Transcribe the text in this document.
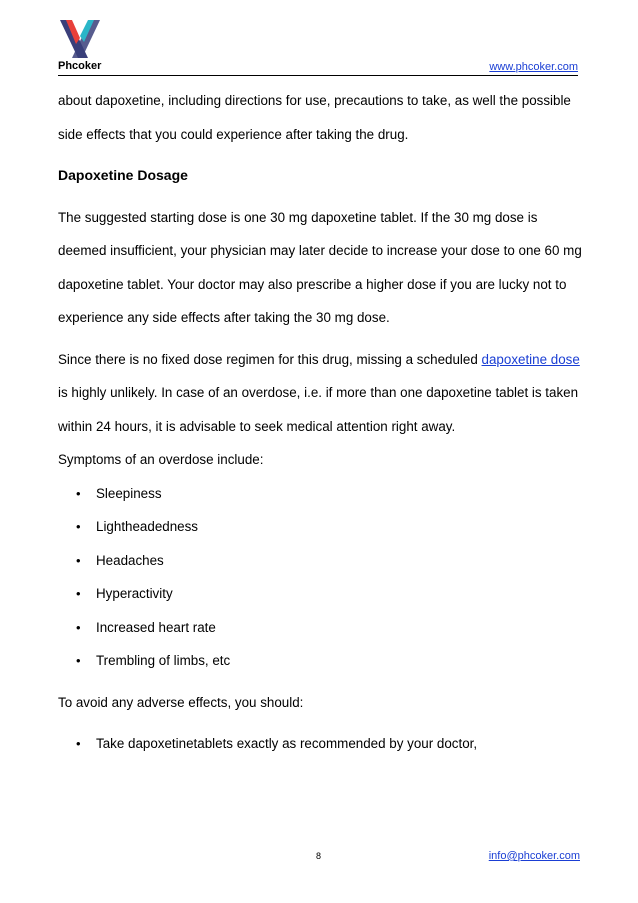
Phcoker	www.phcoker.com

about dapoxetine, including directions for use, precautions to take, as well the possible side effects that you could experience after taking the drug.

Dapoxetine Dosage

The suggested starting dose is one 30 mg dapoxetine tablet. If the 30 mg dose is deemed insufficient, your physician may later decide to increase your dose to one 60 mg dapoxetine tablet. Your doctor may also prescribe a higher dose if you are lucky not to experience any side effects after taking the 30 mg dose.

Since there is no fixed dose regimen for this drug, missing a scheduled dapoxetine dose is highly unlikely. In case of an overdose, i.e. if more than one dapoxetine tablet is taken within 24 hours, it is advisable to seek medical attention right away.

Symptoms of an overdose include:

• Sleepiness
• Lightheadedness
• Headaches
• Hyperactivity
• Increased heart rate
• Trembling of limbs, etc

To avoid any adverse effects, you should:

• Take dapoxetinetablets exactly as recommended by your doctor,
8	info@phcoker.com
